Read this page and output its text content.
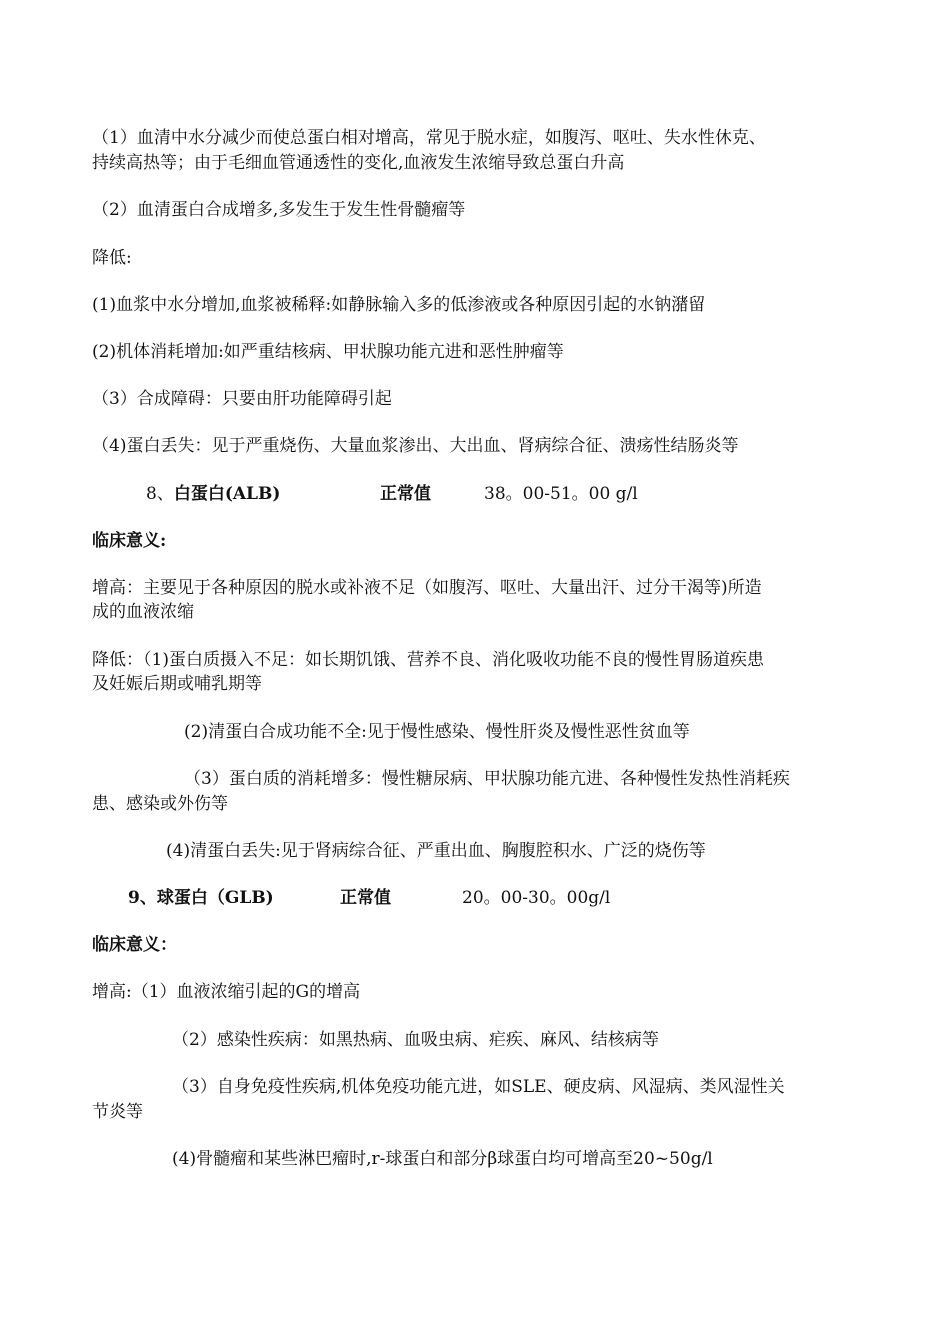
（1）血清中水分减少而使总蛋白相对增高，常见于脱水症，如腹泻、呕吐、失水性休克、
持续高热等；由于毛细血管通透性的变化,血液发生浓缩导致总蛋白升高
（2）血清蛋白合成增多,多发生于发生性骨髓瘤等
降低:
(1)血浆中水分增加,血浆被稀释:如静脉输入多的低渗液或各种原因引起的水钠潴留
(2)机体消耗增加:如严重结核病、甲状腺功能亢进和恶性肿瘤等
（3）合成障碍：只要由肝功能障碍引起
（4)蛋白丢失：见于严重烧伤、大量血浆渗出、大出血、肾病综合征、溃疡性结肠炎等
8、白蛋白(ALB)	正常值	38。00-51。00 g/l
临床意义:
增高：主要见于各种原因的脱水或补液不足（如腹泻、呕吐、大量出汗、过分干渴等)所造
成的血液浓缩
降低：（1)蛋白质摄入不足：如长期饥饿、营养不良、消化吸收功能不良的慢性胃肠道疾患
及妊娠后期或哺乳期等
(2)清蛋白合成功能不全:见于慢性感染、慢性肝炎及慢性恶性贫血等
（3）蛋白质的消耗增多：慢性糖尿病、甲状腺功能亢进、各种慢性发热性消耗疾
患、感染或外伤等
(4)清蛋白丢失:见于肾病综合征、严重出血、胸腹腔积水、广泛的烧伤等
9、球蛋白（GLB)	正常值	20。00-30。00g/l
临床意义：
增高:（1）血液浓缩引起的G的增高
（2）感染性疾病：如黑热病、血吸虫病、疟疾、麻风、结核病等
（3）自身免疫性疾病,机体免疫功能亢进，如SLE、硬皮病、风湿病、类风湿性关
节炎等
(4)骨髓瘤和某些淋巴瘤时,r-球蛋白和部分β球蛋白均可增高至20~50g/l
